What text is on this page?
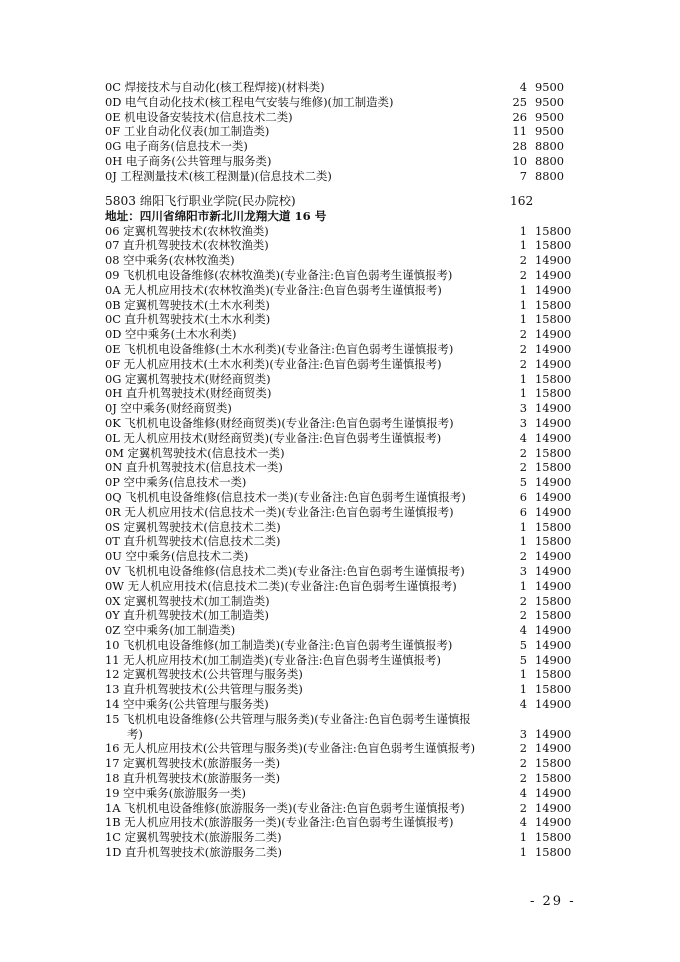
0C 焊接技术与自动化(核工程焊接)(材料类)	4 9500
0D 电气自动化技术(核工程电气安装与维修)(加工制造类)	25 9500
0E 机电设备安装技术(信息技术二类)	26 9500
0F 工业自动化仪表(加工制造类)	11 9500
0G 电子商务(信息技术一类)	28 8800
0H 电子商务(公共管理与服务类)	10 8800
0J 工程测量技术(核工程测量)(信息技术二类)	7 8800
5803 绵阳飞行职业学院(民办院校)	162
地址：四川省绵阳市新北川龙翔大道 16 号
06 定翼机驾驶技术(农林牧渔类)	1 15800
07 直升机驾驶技术(农林牧渔类)	1 15800
08 空中乘务(农林牧渔类)	2 14900
09 飞机机电设备维修(农林牧渔类)(专业备注:色盲色弱考生谨慎报考)	2 14900
0A 无人机应用技术(农林牧渔类)(专业备注:色盲色弱考生谨慎报考)	1 14900
0B 定翼机驾驶技术(土木水利类)	1 15800
0C 直升机驾驶技术(土木水利类)	1 15800
0D 空中乘务(土木水利类)	2 14900
0E 飞机机电设备维修(土木水利类)(专业备注:色盲色弱考生谨慎报考)	2 14900
0F 无人机应用技术(土木水利类)(专业备注:色盲色弱考生谨慎报考)	2 14900
0G 定翼机驾驶技术(财经商贸类)	1 15800
0H 直升机驾驶技术(财经商贸类)	1 15800
0J 空中乘务(财经商贸类)	3 14900
0K 飞机机电设备维修(财经商贸类)(专业备注:色盲色弱考生谨慎报考)	3 14900
0L 无人机应用技术(财经商贸类)(专业备注:色盲色弱考生谨慎报考)	4 14900
0M 定翼机驾驶技术(信息技术一类)	2 15800
0N 直升机驾驶技术(信息技术一类)	2 15800
0P 空中乘务(信息技术一类)	5 14900
0Q 飞机机电设备维修(信息技术一类)(专业备注:色盲色弱考生谨慎报考)	6 14900
0R 无人机应用技术(信息技术一类)(专业备注:色盲色弱考生谨慎报考)	6 14900
0S 定翼机驾驶技术(信息技术二类)	1 15800
0T 直升机驾驶技术(信息技术二类)	1 15800
0U 空中乘务(信息技术二类)	2 14900
0V 飞机机电设备维修(信息技术二类)(专业备注:色盲色弱考生谨慎报考)	3 14900
0W 无人机应用技术(信息技术二类)(专业备注:色盲色弱考生谨慎报考)	1 14900
0X 定翼机驾驶技术(加工制造类)	2 15800
0Y 直升机驾驶技术(加工制造类)	2 15800
0Z 空中乘务(加工制造类)	4 14900
10 飞机机电设备维修(加工制造类)(专业备注:色盲色弱考生谨慎报考)	5 14900
11 无人机应用技术(加工制造类)(专业备注:色盲色弱考生谨慎报考)	5 14900
12 定翼机驾驶技术(公共管理与服务类)	1 15800
13 直升机驾驶技术(公共管理与服务类)	1 15800
14 空中乘务(公共管理与服务类)	4 14900
15 飞机机电设备维修(公共管理与服务类)(专业备注:色盲色弱考生谨慎报
考)	3 14900
16 无人机应用技术(公共管理与服务类)(专业备注:色盲色弱考生谨慎报考)	2 14900
17 定翼机驾驶技术(旅游服务一类)	2 15800
18 直升机驾驶技术(旅游服务一类)	2 15800
19 空中乘务(旅游服务一类)	4 14900
1A 飞机机电设备维修(旅游服务一类)(专业备注:色盲色弱考生谨慎报考)	2 14900
1B 无人机应用技术(旅游服务一类)(专业备注:色盲色弱考生谨慎报考)	4 14900
1C 定翼机驾驶技术(旅游服务二类)	1 15800
1D 直升机驾驶技术(旅游服务二类)	1 15800
- 29 -
